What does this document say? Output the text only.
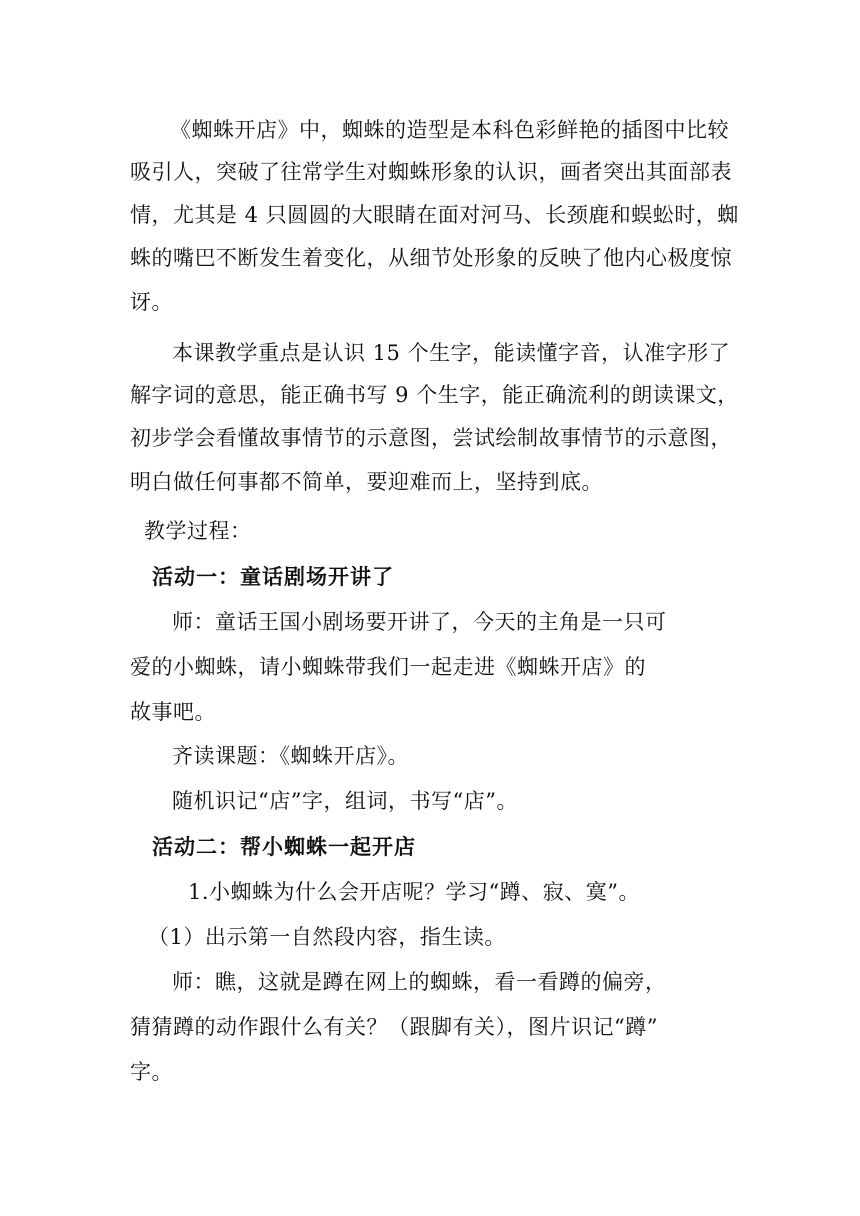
《蜘蛛开店》中，蜘蛛的造型是本科色彩鲜艳的插图中比较
吸引人，突破了往常学生对蜘蛛形象的认识，画者突出其面部表
情，尤其是 4 只圆圆的大眼睛在面对河马、长颈鹿和蜈蚣时，蜘
蛛的嘴巴不断发生着变化，从细节处形象的反映了他内心极度惊
讶。
本课教学重点是认识 15 个生字，能读懂字音，认准字形了
解字词的意思，能正确书写 9 个生字，能正确流利的朗读课文，
初步学会看懂故事情节的示意图，尝试绘制故事情节的示意图，
明白做任何事都不简单，要迎难而上，坚持到底。
教学过程：
活动一：童话剧场开讲了
师：童话王国小剧场要开讲了，今天的主角是一只可
爱的小蜘蛛，请小蜘蛛带我们一起走进《蜘蛛开店》的
故事吧。
齐读课题：《蜘蛛开店》。
随机识记“店”字，组词，书写“店”。
活动二：帮小蜘蛛一起开店
1.小蜘蛛为什么会开店呢？学习“蹲、寂、寞”。
（1）出示第一自然段内容，指生读。
师：瞧，这就是蹲在网上的蜘蛛，看一看蹲的偏旁，
猜猜蹲的动作跟什么有关？（跟脚有关），图片识记“蹲”
字。
